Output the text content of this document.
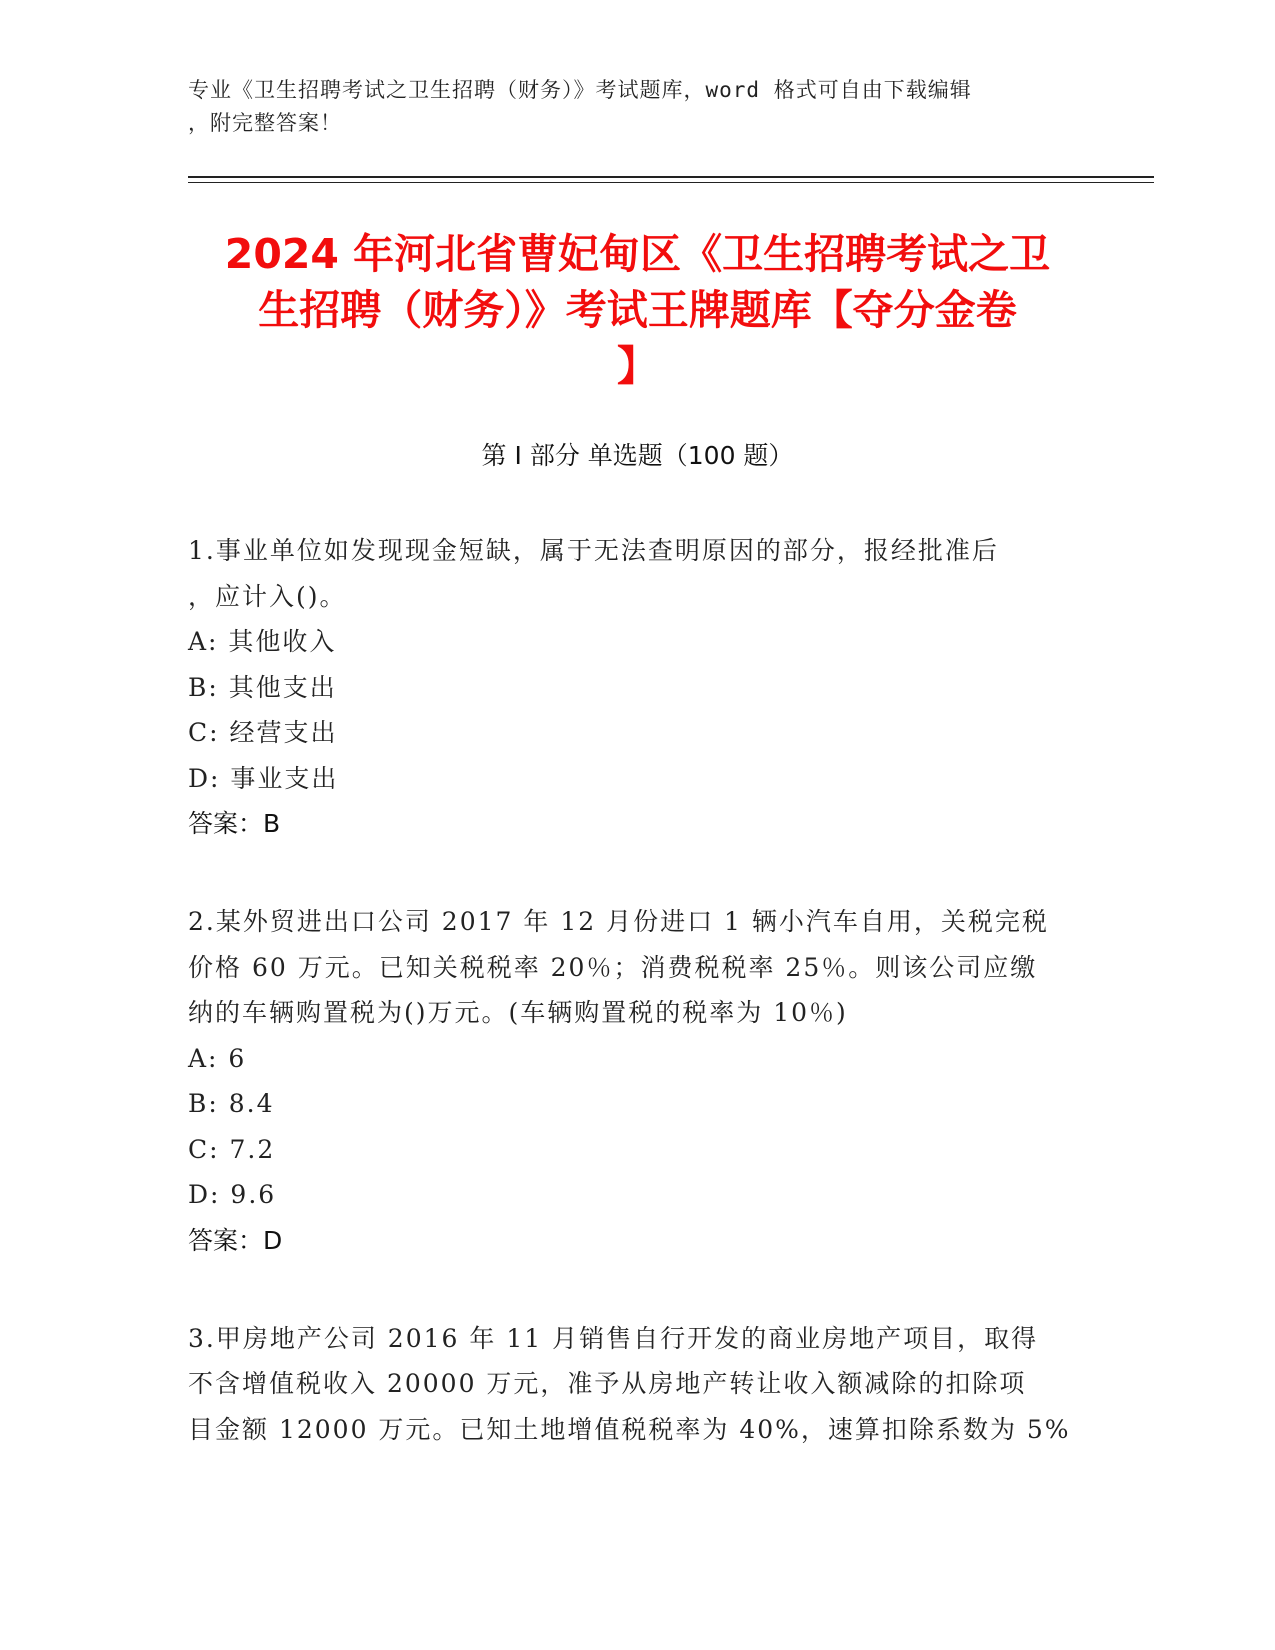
专业《卫生招聘考试之卫生招聘（财务）》考试题库，word 格式可自由下载编辑
，附完整答案！
2024 年河北省曹妃甸区《卫生招聘考试之卫
生招聘（财务）》考试王牌题库【夺分金卷
】
第 I 部分 单选题（100 题）
1.事业单位如发现现金短缺，属于无法查明原因的部分，报经批准后
，应计入()。
A: 其他收入
B: 其他支出
C: 经营支出
D: 事业支出
答案：B
2.某外贸进出口公司 2017 年 12 月份进口 1 辆小汽车自用，关税完税
价格 60 万元。已知关税税率 20％；消费税税率 25％。则该公司应缴
纳的车辆购置税为()万元。(车辆购置税的税率为 10％)
A: 6
B: 8.4
C: 7.2
D: 9.6
答案：D
3.甲房地产公司 2016 年 11 月销售自行开发的商业房地产项目，取得
不含增值税收入 20000 万元，准予从房地产转让收入额减除的扣除项
目金额 12000 万元。已知土地增值税税率为 40%，速算扣除系数为 5%
